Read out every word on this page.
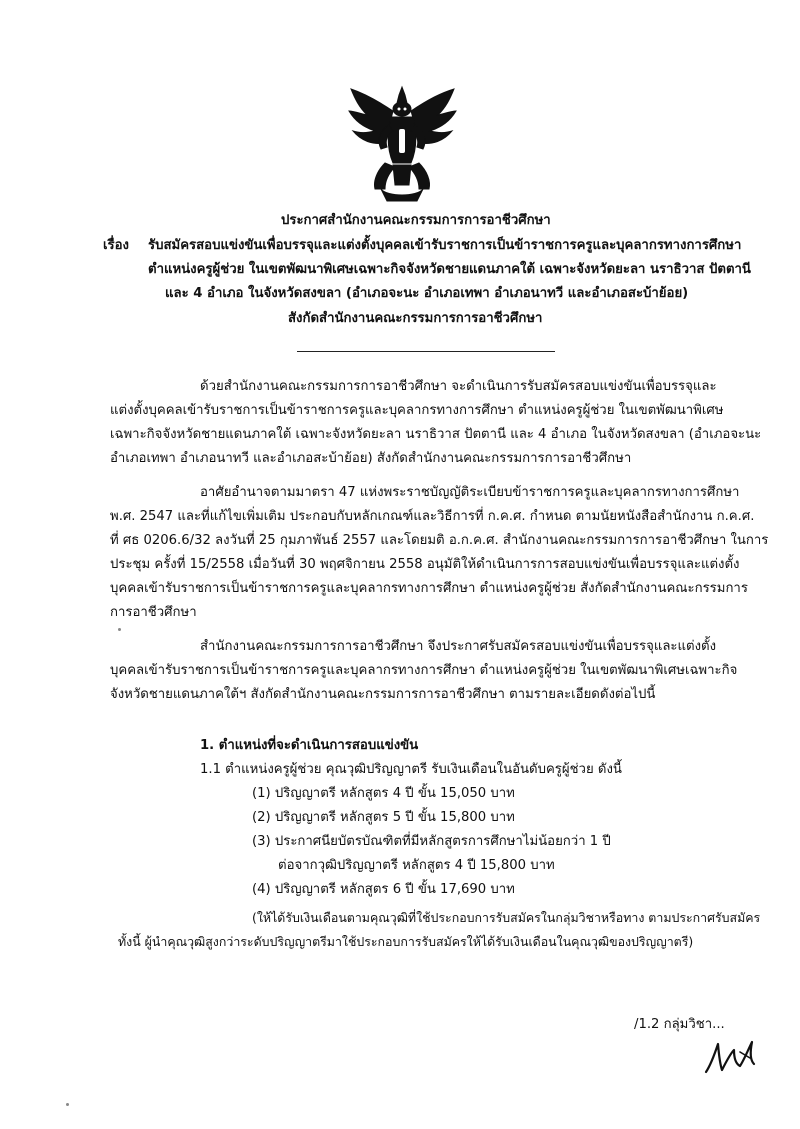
ประกาศสำนักงานคณะกรรมการการอาชีวศึกษา
เรื่อง รับสมัครสอบแข่งขันเพื่อบรรจุและแต่งตั้งบุคคลเข้ารับราชการเป็นข้าราชการครูและบุคลากรทางการศึกษา
ตำแหน่งครูผู้ช่วย ในเขตพัฒนาพิเศษเฉพาะกิจจังหวัดชายแดนภาคใต้ เฉพาะจังหวัดยะลา นราธิวาส ปัตตานี
และ 4 อำเภอ ในจังหวัดสงขลา (อำเภอจะนะ อำเภอเทพา อำเภอนาทวี และอำเภอสะบ้าย้อย)
สังกัดสำนักงานคณะกรรมการการอาชีวศึกษา
ด้วยสำนักงานคณะกรรมการการอาชีวศึกษา จะดำเนินการรับสมัครสอบแข่งขันเพื่อบรรจุและ
แต่งตั้งบุคคลเข้ารับราชการเป็นข้าราชการครูและบุคลากรทางการศึกษา ตำแหน่งครูผู้ช่วย ในเขตพัฒนาพิเศษ
เฉพาะกิจจังหวัดชายแดนภาคใต้ เฉพาะจังหวัดยะลา นราธิวาส ปัตตานี และ 4 อำเภอ ในจังหวัดสงขลา (อำเภอจะนะ
อำเภอเทพา อำเภอนาทวี และอำเภอสะบ้าย้อย) สังกัดสำนักงานคณะกรรมการการอาชีวศึกษา
อาศัยอำนาจตามมาตรา 47 แห่งพระราชบัญญัติระเบียบข้าราชการครูและบุคลากรทางการศึกษา
พ.ศ. 2547 และที่แก้ไขเพิ่มเติม ประกอบกับหลักเกณฑ์และวิธีการที่ ก.ค.ศ. กำหนด ตามนัยหนังสือสำนักงาน ก.ค.ศ.
ที่ ศธ 0206.6/32 ลงวันที่ 25 กุมภาพันธ์ 2557 และโดยมติ อ.ก.ค.ศ. สำนักงานคณะกรรมการการอาชีวศึกษา ในการ
ประชุม ครั้งที่ 15/2558 เมื่อวันที่ 30 พฤศจิกายน 2558 อนุมัติให้ดำเนินการการสอบแข่งขันเพื่อบรรจุและแต่งตั้ง
บุคคลเข้ารับราชการเป็นข้าราชการครูและบุคลากรทางการศึกษา ตำแหน่งครูผู้ช่วย สังกัดสำนักงานคณะกรรมการ
การอาชีวศึกษา
สำนักงานคณะกรรมการการอาชีวศึกษา จึงประกาศรับสมัครสอบแข่งขันเพื่อบรรจุและแต่งตั้ง
บุคคลเข้ารับราชการเป็นข้าราชการครูและบุคลากรทางการศึกษา ตำแหน่งครูผู้ช่วย ในเขตพัฒนาพิเศษเฉพาะกิจ
จังหวัดชายแดนภาคใต้ฯ สังกัดสำนักงานคณะกรรมการการอาชีวศึกษา ตามรายละเอียดดังต่อไปนี้
1. ตำแหน่งที่จะดำเนินการสอบแข่งขัน
1.1 ตำแหน่งครูผู้ช่วย คุณวุฒิปริญญาตรี รับเงินเดือนในอันดับครูผู้ช่วย ดังนี้
(1) ปริญญาตรี หลักสูตร 4 ปี ขั้น 15,050 บาท
(2) ปริญญาตรี หลักสูตร 5 ปี ขั้น 15,800 บาท
(3) ประกาศนียบัตรบัณฑิตที่มีหลักสูตรการศึกษาไม่น้อยกว่า 1 ปี
ต่อจากวุฒิปริญญาตรี หลักสูตร 4 ปี 15,800 บาท
(4) ปริญญาตรี หลักสูตร 6 ปี ขั้น 17,690 บาท
(ให้ได้รับเงินเดือนตามคุณวุฒิที่ใช้ประกอบการรับสมัครในกลุ่มวิชาหรือทาง ตามประกาศรับสมัคร
ทั้งนี้ ผู้นำคุณวุฒิสูงกว่าระดับปริญญาตรีมาใช้ประกอบการรับสมัครให้ได้รับเงินเดือนในคุณวุฒิของปริญญาตรี)
/1.2 กลุ่มวิชา...
